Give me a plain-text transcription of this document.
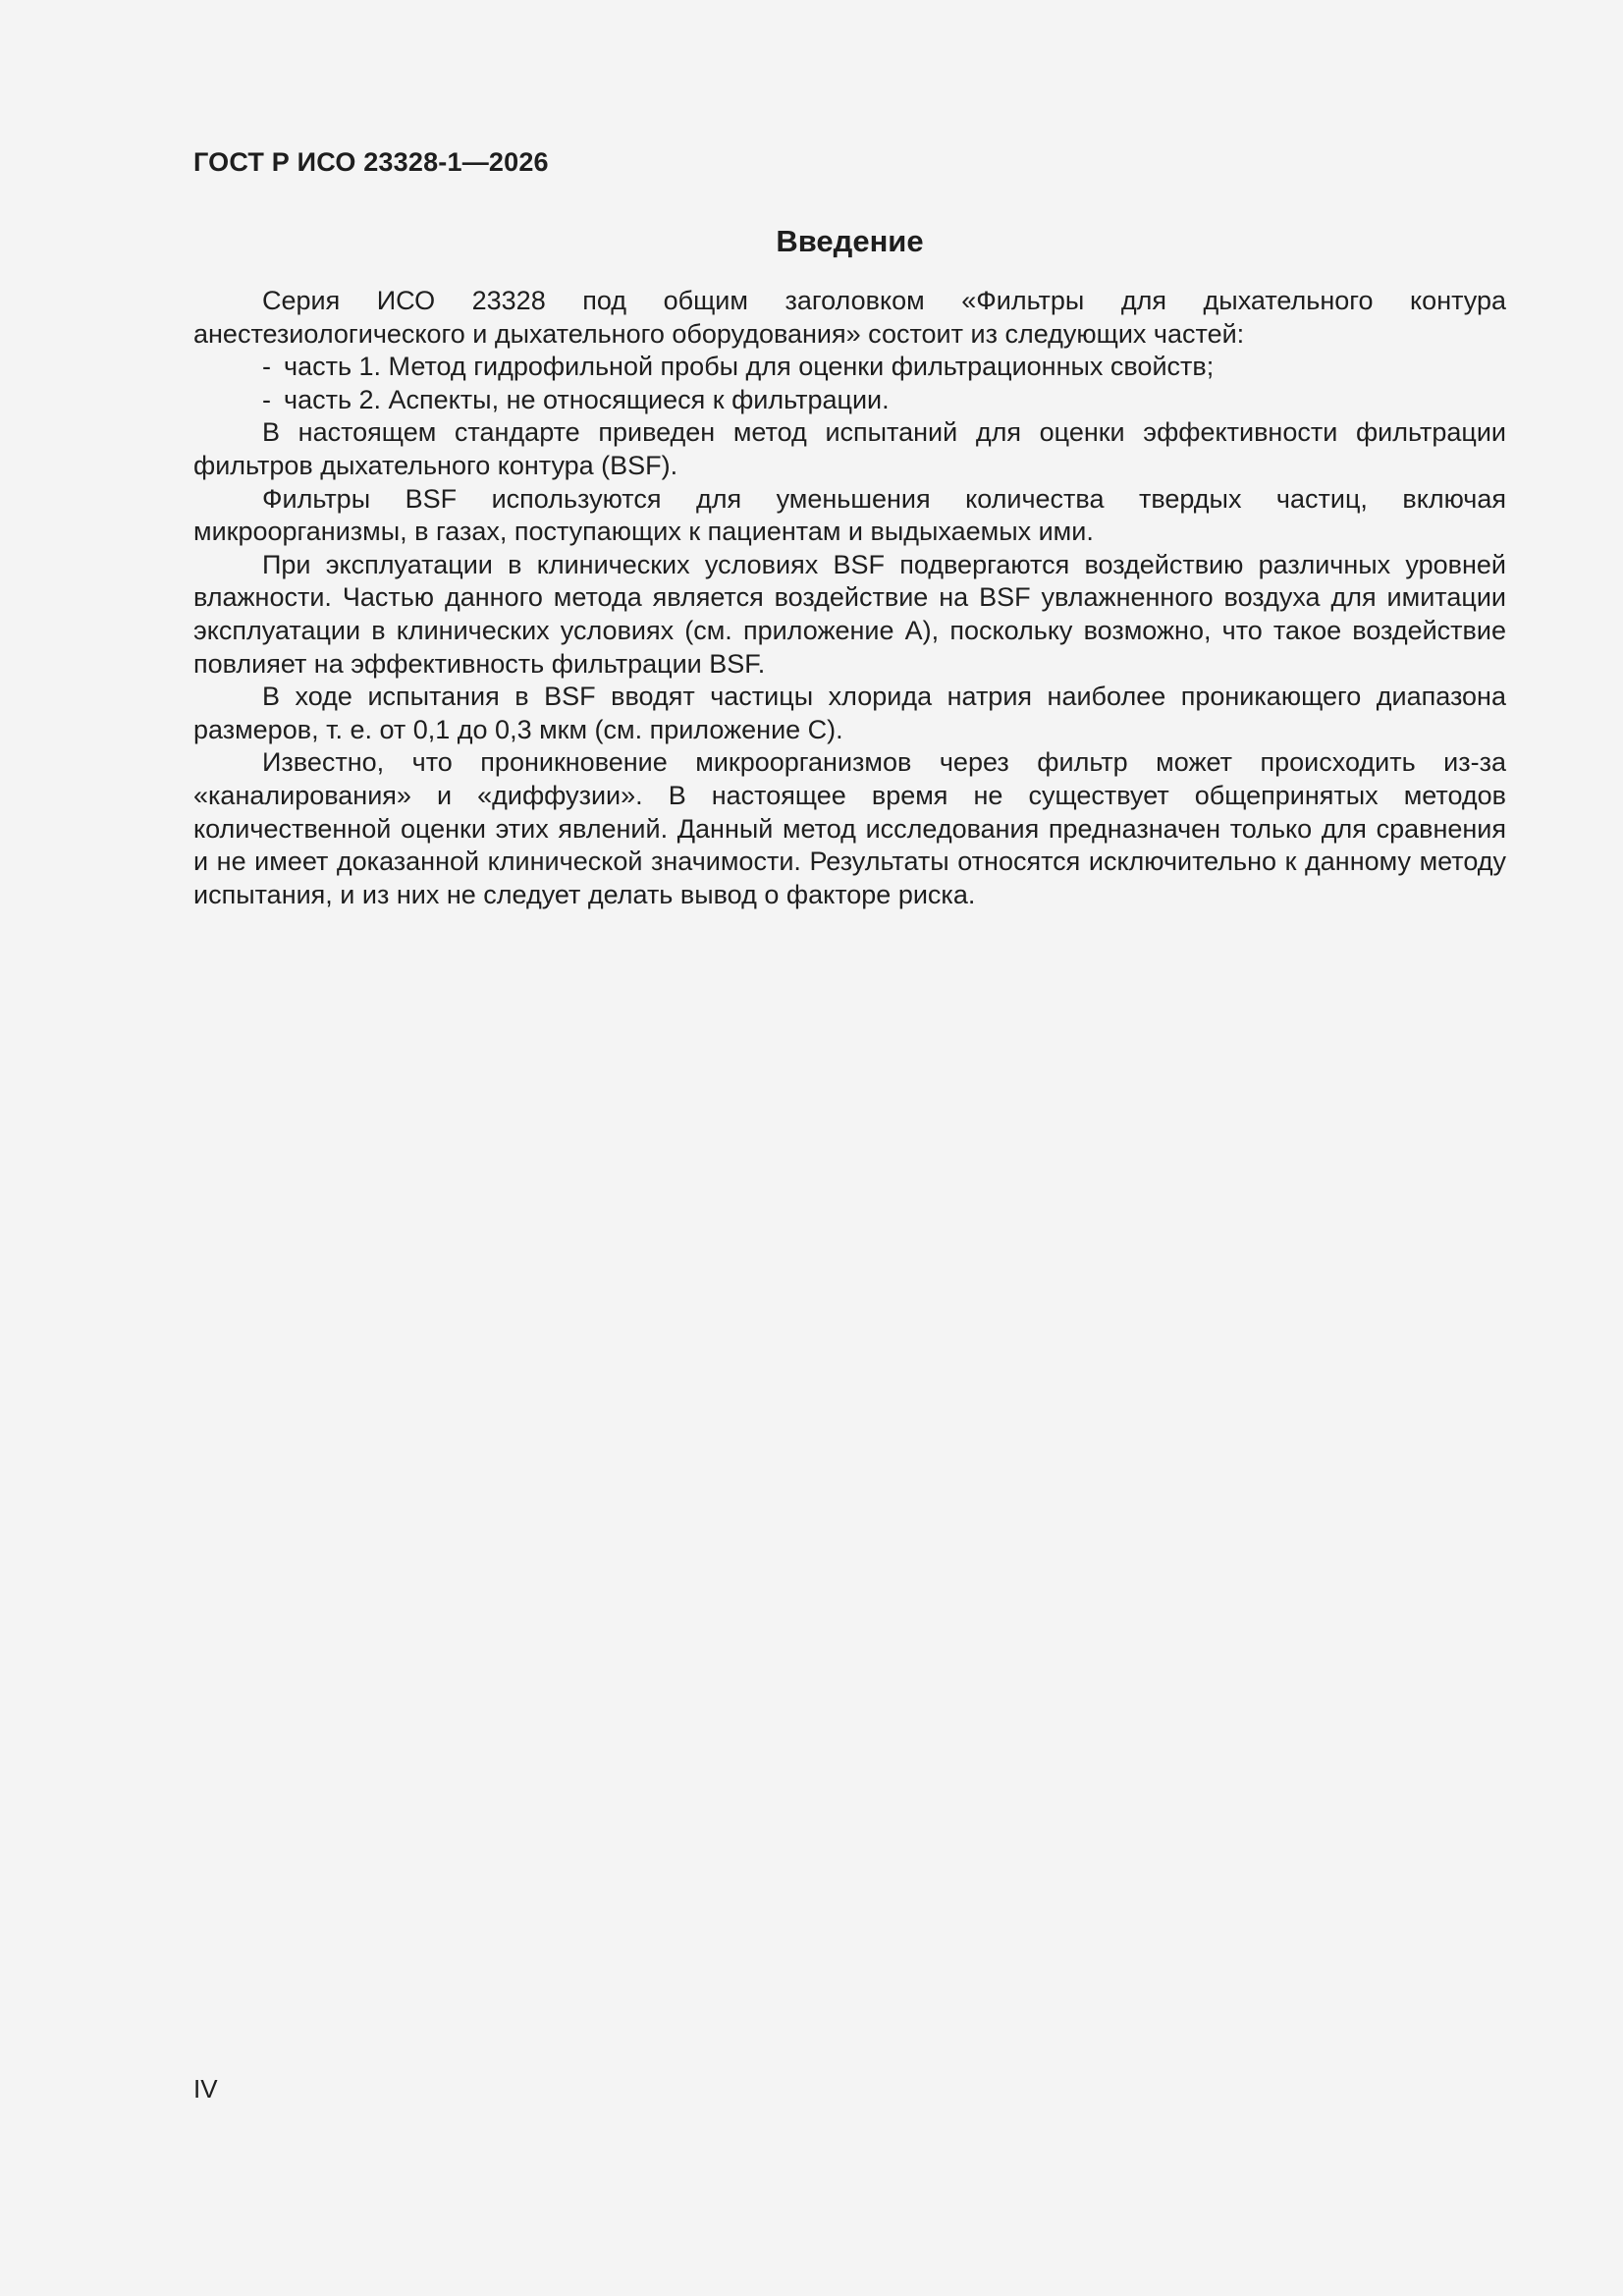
ГОСТ Р ИСО 23328-1—2026
Введение

Серия ИСО 23328 под общим заголовком «Фильтры для дыхательного контура анестезиологического и дыхательного оборудования» состоит из следующих частей:

- часть 1. Метод гидрофильной пробы для оценки фильтрационных свойств;
- часть 2. Аспекты, не относящиеся к фильтрации.

В настоящем стандарте приведен метод испытаний для оценки эффективности фильтрации фильтров дыхательного контура (BSF).

Фильтры BSF используются для уменьшения количества твердых частиц, включая микроорганизмы, в газах, поступающих к пациентам и выдыхаемых ими.

При эксплуатации в клинических условиях BSF подвергаются воздействию различных уровней влажности. Частью данного метода является воздействие на BSF увлажненного воздуха для имитации эксплуатации в клинических условиях (см. приложение А), поскольку возможно, что такое воздействие повлияет на эффективность фильтрации BSF.

В ходе испытания в BSF вводят частицы хлорида натрия наиболее проникающего диапазона размеров, т. е. от 0,1 до 0,3 мкм (см. приложение С).

Известно, что проникновение микроорганизмов через фильтр может происходить из-за «каналирования» и «диффузии». В настоящее время не существует общепринятых методов количественной оценки этих явлений. Данный метод исследования предназначен только для сравнения и не имеет доказанной клинической значимости. Результаты относятся исключительно к данному методу испытания, и из них не следует делать вывод о факторе риска.

IV
